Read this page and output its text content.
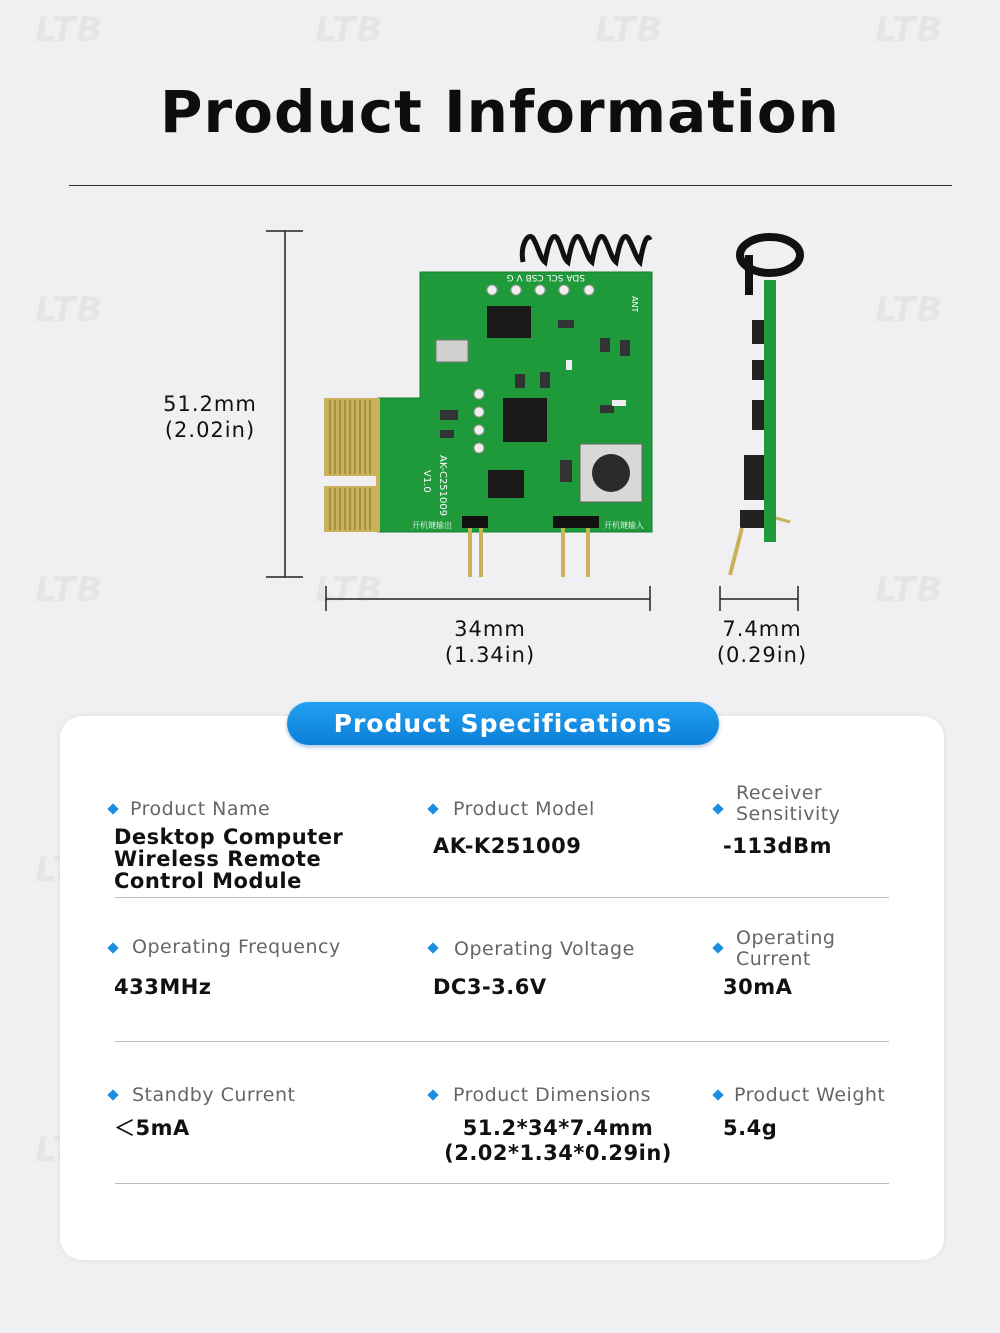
Product Information
51.2mm
(2.02in)
34mm
(1.34in)
7.4mm
(0.29in)
SDA SCL CSB V G
AK-C251009
V1.0
开机键输出	开机键输入
ANT
Product Specifications
Product Name
Desktop Computer Wireless Remote Control Module
Product Model
AK-K251009
Receiver Sensitivity
-113dBm
Operating Frequency
433MHz
Operating Voltage
DC3-3.6V
Operating Current
30mA
Standby Current
＜5mA
Product Dimensions
51.2*34*7.4mm
(2.02*1.34*0.29in)
Product Weight
5.4g
